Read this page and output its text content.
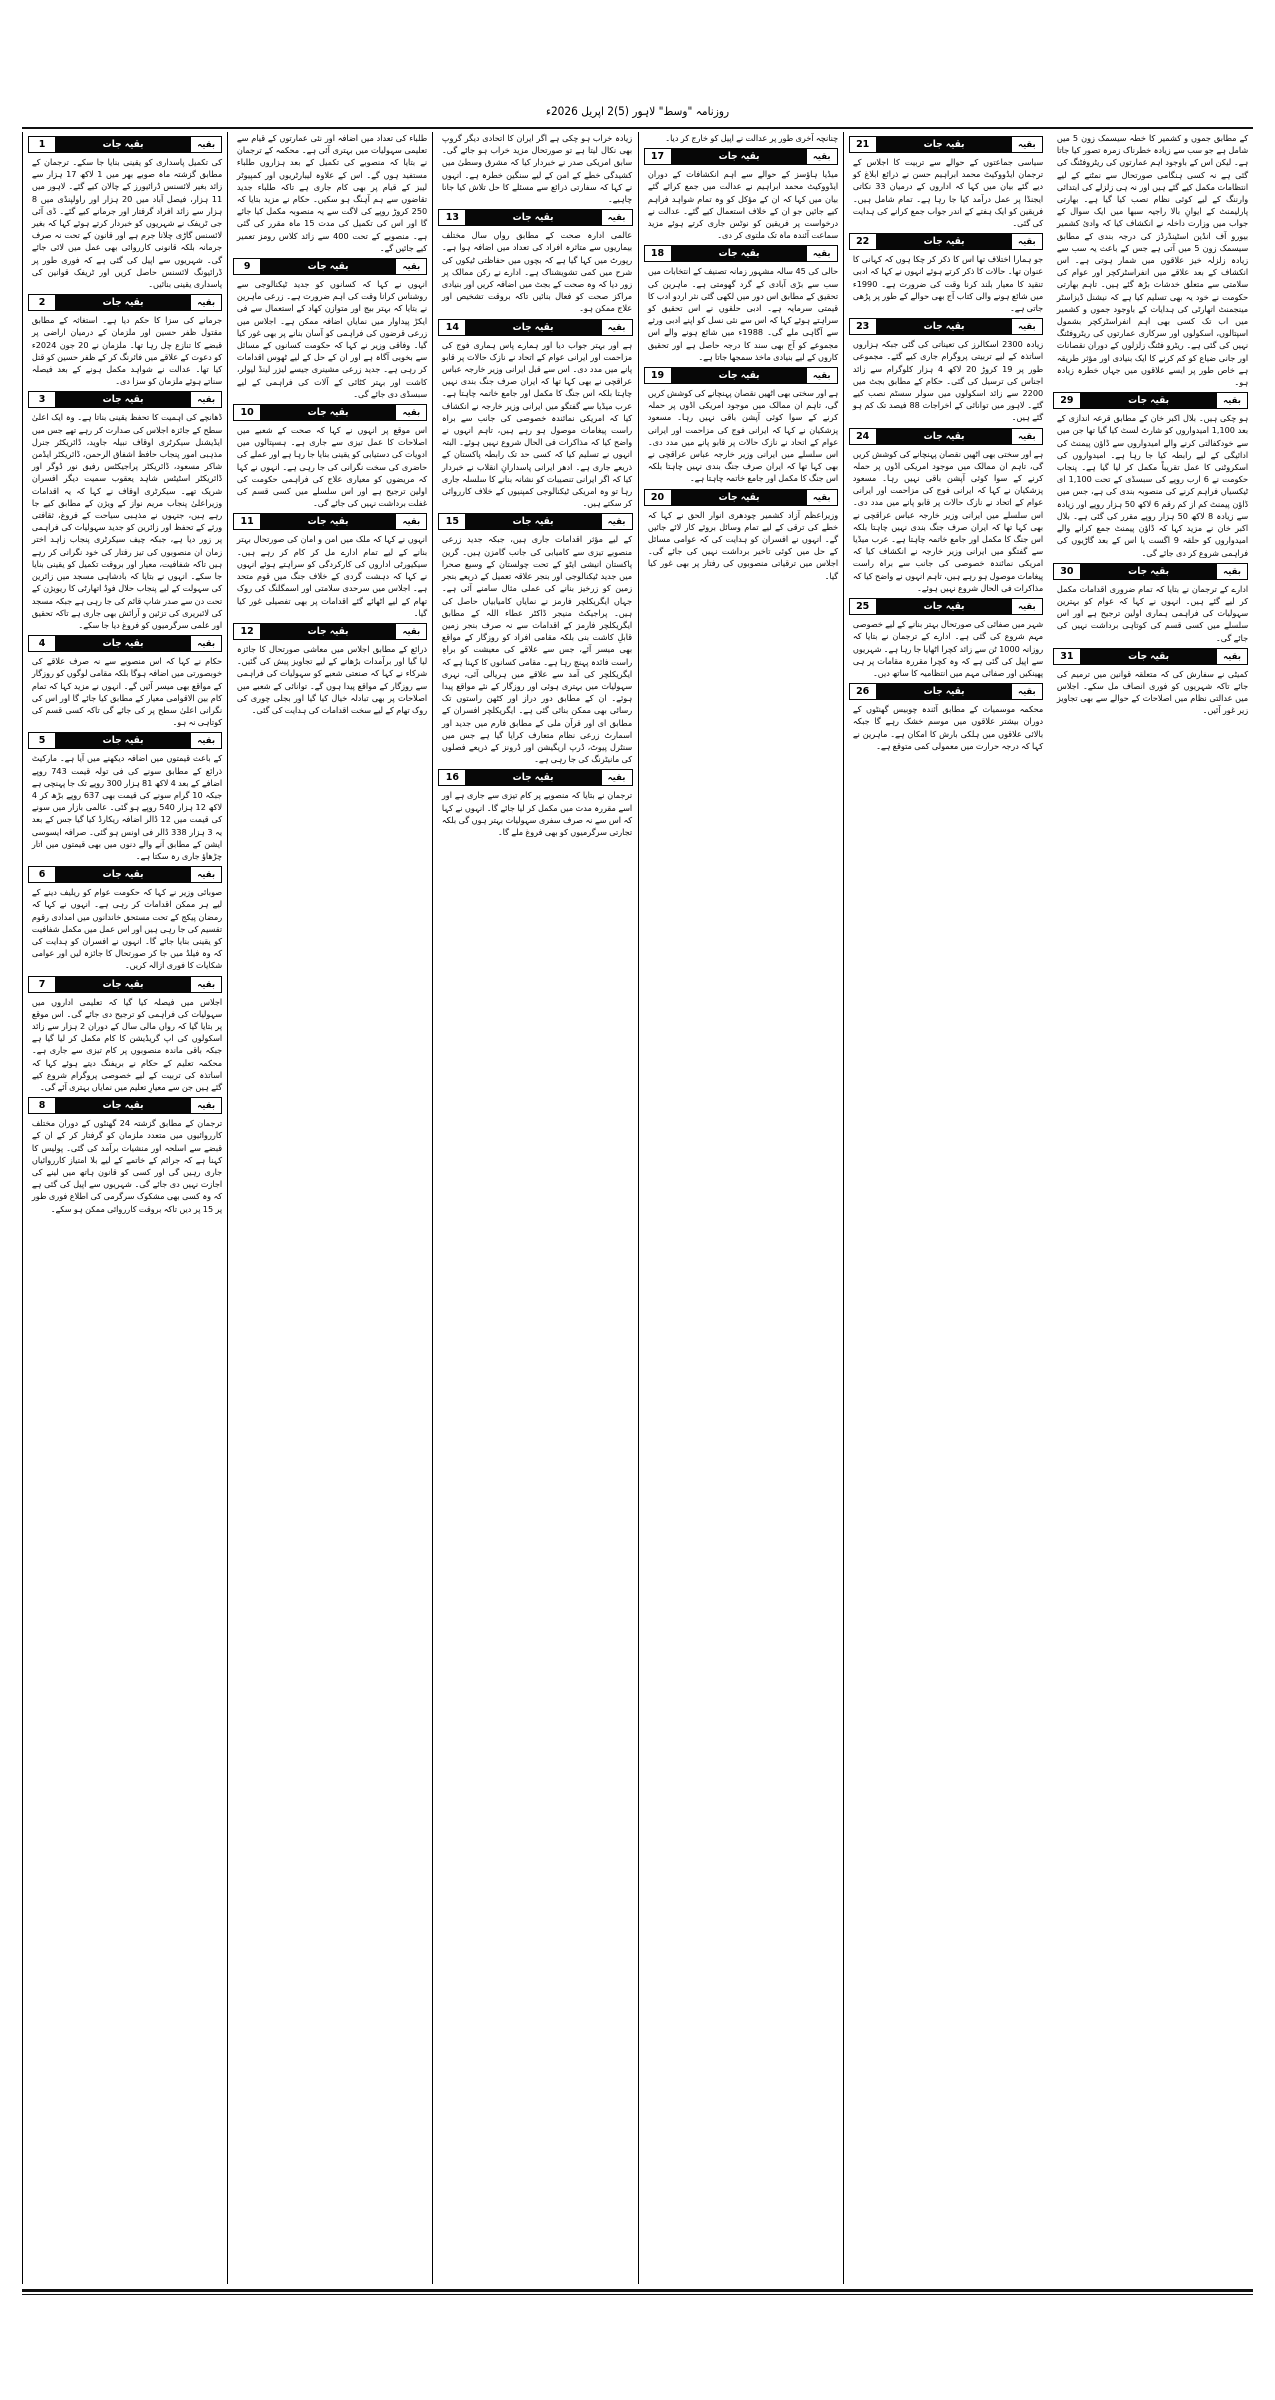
روزنامہ "وسط" لاہور (5)2 اپریل 2026ء
بقیہ
بقیہ جات
1

کی تکمیل پاسداری کو یقینی بنایا جا سکے۔ ترجمان کے مطابق گزشتہ ماہ صوبے بھر میں 1 لاکھ 17 ہزار سے زائد بغیر لائسنس ڈرائیورز کے چالان کیے گئے۔ لاہور میں 11 ہزار، فیصل آباد میں 20 ہزار اور راولپنڈی میں 8 ہزار سے زائد افراد گرفتار اور جرمانے کیے گئے۔ ڈی آئی جی ٹریفک نے شہریوں کو خبردار کرتے ہوئے کہا کہ بغیر لائسنس گاڑی چلانا جرم ہے اور قانون کے تحت نہ صرف جرمانہ بلکہ قانونی کارروائی بھی عمل میں لائی جائے گی۔ شہریوں سے اپیل کی گئی ہے کہ فوری طور پر ڈرائیونگ لائسنس حاصل کریں اور ٹریفک قوانین کی پاسداری یقینی بنائیں۔

بقیہ
بقیہ جات
2

جرمانے کی سزا کا حکم دیا ہے۔ استغاثہ کے مطابق مقتول ظفر حسین اور ملزمان کے درمیان اراضی پر قبضے کا تنازع چل رہا تھا۔ ملزمان نے 20 جون 2024ء کو دعوت کے علاقے میں فائرنگ کر کے ظفر حسین کو قتل کیا تھا۔ عدالت نے شواہد مکمل ہونے کے بعد فیصلہ سناتے ہوئے ملزمان کو سزا دی۔

بقیہ
بقیہ جات
3

ڈھانچے کی اہمیت کا تحفظ یقینی بناتا ہے۔ وہ ایک اعلیٰ سطح کے جائزہ اجلاس کی صدارت کر رہے تھے جس میں ایڈیشنل سیکرٹری اوقاف نبیلہ جاوید، ڈائریکٹر جنرل مذہبی امور پنجاب حافظ اشفاق الرحمن، ڈائریکٹر ایڈمن شاکر مسعود، ڈائریکٹر پراجیکٹس رفیق نور ڈوگر اور ڈائریکٹر اسٹیٹس شاہد یعقوب سمیت دیگر افسران شریک تھے۔ سیکرٹری اوقاف نے کہا کہ یہ اقدامات وزیراعلیٰ پنجاب مریم نواز کے ویژن کے مطابق کیے جا رہے ہیں، جنہوں نے مذہبی سیاحت کے فروغ، ثقافتی ورثے کے تحفظ اور زائرین کو جدید سہولیات کی فراہمی پر زور دیا ہے، جبکہ چیف سیکرٹری پنجاب زاہد اختر زمان ان منصوبوں کی تیز رفتار کی خود نگرانی کر رہے ہیں تاکہ شفافیت، معیار اور بروقت تکمیل کو یقینی بنایا جا سکے۔ انہوں نے بتایا کہ بادشاہی مسجد میں زائرین کی سہولت کے لیے پنجاب حلال فوڈ اتھارٹی کا ریویژن کے تحت دن سے صدر شاپ قائم کی جا رہی ہے جبکہ مسجد کی لائبریری کی تزئین و آرائش بھی جاری ہے تاکہ تحقیق اور علمی سرگرمیوں کو فروغ دیا جا سکے۔

بقیہ
بقیہ جات
4

حکام نے کہا کہ اس منصوبے سے نہ صرف علاقے کی خوبصورتی میں اضافہ ہوگا بلکہ مقامی لوگوں کو روزگار کے مواقع بھی میسر آئیں گے۔ انہوں نے مزید کہا کہ تمام کام بین الاقوامی معیار کے مطابق کیا جائے گا اور اس کی نگرانی اعلیٰ سطح پر کی جائے گی تاکہ کسی قسم کی کوتاہی نہ ہو۔

بقیہ
بقیہ جات
5

کے باعث قیمتوں میں اضافہ دیکھنے میں آیا ہے۔ مارکیٹ ذرائع کے مطابق سونے کی فی تولہ قیمت 743 روپے اضافے کے بعد 4 لاکھ 81 ہزار 300 روپے تک جا پہنچی ہے جبکہ 10 گرام سونے کی قیمت بھی 637 روپے بڑھ کر 4 لاکھ 12 ہزار 540 روپے ہو گئی۔ عالمی بازار میں سونے کی قیمت میں 12 ڈالر اضافہ ریکارڈ کیا گیا جس کے بعد یہ 3 ہزار 338 ڈالر فی اونس ہو گئی۔ صرافہ ایسوسی ایشن کے مطابق آنے والے دنوں میں بھی قیمتوں میں اتار چڑھاؤ جاری رہ سکتا ہے۔

بقیہ
بقیہ جات
6

صوبائی وزیر نے کہا کہ حکومت عوام کو ریلیف دینے کے لیے ہر ممکن اقدامات کر رہی ہے۔ انہوں نے کہا کہ رمضان پیکج کے تحت مستحق خاندانوں میں امدادی رقوم تقسیم کی جا رہی ہیں اور اس عمل میں مکمل شفافیت کو یقینی بنایا جائے گا۔ انہوں نے افسران کو ہدایت کی کہ وہ فیلڈ میں جا کر صورتحال کا جائزہ لیں اور عوامی شکایات کا فوری ازالہ کریں۔

بقیہ
بقیہ جات
7

اجلاس میں فیصلہ کیا گیا کہ تعلیمی اداروں میں سہولیات کی فراہمی کو ترجیح دی جائے گی۔ اس موقع پر بتایا گیا کہ رواں مالی سال کے دوران 2 ہزار سے زائد اسکولوں کی اپ گریڈیشن کا کام مکمل کر لیا گیا ہے جبکہ باقی ماندہ منصوبوں پر کام تیزی سے جاری ہے۔ محکمہ تعلیم کے حکام نے بریفنگ دیتے ہوئے کہا کہ اساتذہ کی تربیت کے لیے خصوصی پروگرام شروع کیے گئے ہیں جن سے معیارِ تعلیم میں نمایاں بہتری آئے گی۔

بقیہ
بقیہ جات
8

ترجمان کے مطابق گزشتہ 24 گھنٹوں کے دوران مختلف کارروائیوں میں متعدد ملزمان کو گرفتار کر کے ان کے قبضے سے اسلحہ اور منشیات برآمد کی گئی۔ پولیس کا کہنا ہے کہ جرائم کے خاتمے کے لیے بلا امتیاز کارروائیاں جاری رہیں گی اور کسی کو قانون ہاتھ میں لینے کی اجازت نہیں دی جائے گی۔ شہریوں سے اپیل کی گئی ہے کہ وہ کسی بھی مشکوک سرگرمی کی اطلاع فوری طور پر 15 پر دیں تاکہ بروقت کارروائی ممکن ہو سکے۔

طلباء کی تعداد میں اضافہ اور نئی عمارتوں کے قیام سے تعلیمی سہولیات میں بہتری آئی ہے۔ محکمہ کے ترجمان نے بتایا کہ منصوبے کی تکمیل کے بعد ہزاروں طلباء مستفید ہوں گے۔ اس کے علاوہ لیبارٹریوں اور کمپیوٹر لیبز کے قیام پر بھی کام جاری ہے تاکہ طلباء جدید تقاضوں سے ہم آہنگ ہو سکیں۔ حکام نے مزید بتایا کہ 250 کروڑ روپے کی لاگت سے یہ منصوبہ مکمل کیا جائے گا اور اس کی تکمیل کی مدت 15 ماہ مقرر کی گئی ہے۔ منصوبے کے تحت 400 سے زائد کلاس رومز تعمیر کیے جائیں گے۔

بقیہ
بقیہ جات
9

انہوں نے کہا کہ کسانوں کو جدید ٹیکنالوجی سے روشناس کرانا وقت کی اہم ضرورت ہے۔ زرعی ماہرین نے بتایا کہ بہتر بیج اور متوازن کھاد کے استعمال سے فی ایکڑ پیداوار میں نمایاں اضافہ ممکن ہے۔ اجلاس میں زرعی قرضوں کی فراہمی کو آسان بنانے پر بھی غور کیا گیا۔ وفاقی وزیر نے کہا کہ حکومت کسانوں کے مسائل سے بخوبی آگاہ ہے اور ان کے حل کے لیے ٹھوس اقدامات کر رہی ہے۔ جدید زرعی مشینری جیسے لیزر لینڈ لیولر، کاشت اور بہتر کٹائی کے آلات کی فراہمی کے لیے سبسڈی دی جائے گی۔

بقیہ
بقیہ جات
10

اس موقع پر انہوں نے کہا کہ صحت کے شعبے میں اصلاحات کا عمل تیزی سے جاری ہے۔ ہسپتالوں میں ادویات کی دستیابی کو یقینی بنایا جا رہا ہے اور عملے کی حاضری کی سخت نگرانی کی جا رہی ہے۔ انہوں نے کہا کہ مریضوں کو معیاری علاج کی فراہمی حکومت کی اولین ترجیح ہے اور اس سلسلے میں کسی قسم کی غفلت برداشت نہیں کی جائے گی۔

بقیہ
بقیہ جات
11

انہوں نے کہا کہ ملک میں امن و امان کی صورتحال بہتر بنانے کے لیے تمام ادارے مل کر کام کر رہے ہیں۔ سیکیورٹی اداروں کی کارکردگی کو سراہتے ہوئے انہوں نے کہا کہ دہشت گردی کے خلاف جنگ میں قوم متحد ہے۔ اجلاس میں سرحدی سلامتی اور اسمگلنگ کی روک تھام کے لیے اٹھائے گئے اقدامات پر بھی تفصیلی غور کیا گیا۔

بقیہ
بقیہ جات
12

ذرائع کے مطابق اجلاس میں معاشی صورتحال کا جائزہ لیا گیا اور برآمدات بڑھانے کے لیے تجاویز پیش کی گئیں۔ شرکاء نے کہا کہ صنعتی شعبے کو سہولیات کی فراہمی سے روزگار کے مواقع پیدا ہوں گے۔ توانائی کے شعبے میں اصلاحات پر بھی تبادلہ خیال کیا گیا اور بجلی چوری کی روک تھام کے لیے سخت اقدامات کی ہدایت کی گئی۔

زیادہ خراب ہو چکی ہے اگر ایران کا اتحادی دیگر گروپ بھی نکال لیتا ہے تو صورتحال مزید خراب ہو جائے گی۔ سابق امریکی صدر نے خبردار کیا کہ مشرق وسطیٰ میں کشیدگی خطے کے امن کے لیے سنگین خطرہ ہے۔ انہوں نے کہا کہ سفارتی ذرائع سے مسئلے کا حل تلاش کیا جانا چاہیے۔

بقیہ
بقیہ جات
13

عالمی ادارہ صحت کے مطابق رواں سال مختلف بیماریوں سے متاثرہ افراد کی تعداد میں اضافہ ہوا ہے۔ رپورٹ میں کہا گیا ہے کہ بچوں میں حفاظتی ٹیکوں کی شرح میں کمی تشویشناک ہے۔ ادارے نے رکن ممالک پر زور دیا کہ وہ صحت کے بجٹ میں اضافہ کریں اور بنیادی مراکز صحت کو فعال بنائیں تاکہ بروقت تشخیص اور علاج ممکن ہو۔

بقیہ
بقیہ جات
14

ہے اور بہتر جواب دیا اور ہمارے پاس ہماری فوج کی مزاحمت اور ایرانی عوام کے اتحاد نے نازک حالات پر قابو پانے میں مدد دی۔ اس سے قبل ایرانی وزیر خارجہ عباس عراقچی نے بھی کہا تھا کہ ایران صرف جنگ بندی نہیں چاہتا بلکہ اس جنگ کا مکمل اور جامع خاتمہ چاہتا ہے۔ عرب میڈیا سے گفتگو میں ایرانی وزیر خارجہ نے انکشاف کیا کہ امریکی نمائندہ خصوصی کی جانب سے براہ راست پیغامات موصول ہو رہے ہیں، تاہم انہوں نے واضح کیا کہ مذاکرات فی الحال شروع نہیں ہوئے۔ البتہ انہوں نے تسلیم کیا کہ کسی حد تک رابطہ پاکستان کے ذریعے جاری ہے۔ ادھر ایرانی پاسدارانِ انقلاب نے خبردار کیا کہ اگر ایرانی تنصیبات کو نشانہ بنانے کا سلسلہ جاری رہا تو وہ امریکی ٹیکنالوجی کمپنیوں کے خلاف کارروائی کر سکتے ہیں۔

بقیہ
بقیہ جات
15

کے لیے مؤثر اقدامات جاری ہیں، جبکہ جدید زرعی منصوبے تیزی سے کامیابی کی جانب گامزن ہیں۔ گرین پاکستان انیشی ایٹو کے تحت چولستان کے وسیع صحرا میں جدید ٹیکنالوجی اور بنجر علاقہ تعمیل کے ذریعے بنجر زمین کو زرخیز بنانے کی عملی مثال سامنے آئی ہے۔ جہاں ایگریکلچر فارمز نے نمایاں کامیابیاں حاصل کی ہیں۔ پراجیکٹ منیجر ڈاکٹر عطاء اللہ کے مطابق ایگریکلچر فارمز کے اقدامات سے نہ صرف بنجر زمین قابلِ کاشت بنی بلکہ مقامی افراد کو روزگار کے مواقع بھی میسر آئے، جس سے علاقے کی معیشت کو براہِ راست فائدہ پہنچ رہا ہے۔ مقامی کسانوں کا کہنا ہے کہ ایگریکلچر کی آمد سے علاقے میں ہریالی آئی، نہری سہولیات میں بہتری ہوئی اور روزگار کے نئے مواقع پیدا ہوئے۔ ان کے مطابق دور دراز اور کٹھن راستوں تک رسائی بھی ممکن بنائی گئی ہے۔ ایگریکلچر افسران کے مطابق ای اور قرآن ملی کے مطابق فارم میں جدید اور اسمارٹ زرعی نظام متعارف کرایا گیا ہے جس میں سنٹرل پیوٹ، ڈرپ اریگیشن اور ڈرونز کے ذریعے فصلوں کی مانیٹرنگ کی جا رہی ہے۔

بقیہ
بقیہ جات
16

ترجمان نے بتایا کہ منصوبے پر کام تیزی سے جاری ہے اور اسے مقررہ مدت میں مکمل کر لیا جائے گا۔ انہوں نے کہا کہ اس سے نہ صرف سفری سہولیات بہتر ہوں گی بلکہ تجارتی سرگرمیوں کو بھی فروغ ملے گا۔

چنانچہ آخری طور پر عدالت نے اپیل کو خارج کر دیا۔

بقیہ
بقیہ جات
17

میڈیا ہاؤسز کے حوالے سے اہم انکشافات کے دوران ایڈووکیٹ محمد ابراہیم نے عدالت میں جمع کرائے گئے بیان میں کہا کہ ان کے مؤکل کو وہ تمام شواہد فراہم کیے جائیں جو ان کے خلاف استعمال کیے گئے۔ عدالت نے درخواست پر فریقین کو نوٹس جاری کرتے ہوئے مزید سماعت آئندہ ماہ تک ملتوی کر دی۔

بقیہ
بقیہ جات
18

حالی کی 45 سالہ مشہور زمانہ تصنیف کے انتخابات میں سب سے بڑی آبادی کے گرد گھومتی ہے۔ ماہرین کی تحقیق کے مطابق اس دور میں لکھی گئی نثر اردو ادب کا قیمتی سرمایہ ہے۔ ادبی حلقوں نے اس تحقیق کو سراہتے ہوئے کہا کہ اس سے نئی نسل کو اپنے ادبی ورثے سے آگاہی ملے گی۔ 1988ء میں شائع ہونے والے اس مجموعے کو آج بھی سند کا درجہ حاصل ہے اور تحقیق کاروں کے لیے بنیادی ماخذ سمجھا جاتا ہے۔

بقیہ
بقیہ جات
19

ہے اور سختی بھی اٹھیں نقصان پہنچانے کی کوشش کریں گی، تاہم ان ممالک میں موجود امریکی اڈوں پر حملہ کرنے کے سوا کوئی آپشن باقی نہیں رہا۔ مسعود پزشکیان نے کہا کہ ایرانی فوج کی مزاحمت اور ایرانی عوام کے اتحاد نے نازک حالات پر قابو پانے میں مدد دی۔ اس سلسلے میں ایرانی وزیر خارجہ عباس عراقچی نے بھی کہا تھا کہ ایران صرف جنگ بندی نہیں چاہتا بلکہ اس جنگ کا مکمل اور جامع خاتمہ چاہتا ہے۔

بقیہ
بقیہ جات
20

وزیراعظم آزاد کشمیر چودھری انوار الحق نے کہا کہ خطے کی ترقی کے لیے تمام وسائل بروئے کار لائے جائیں گے۔ انہوں نے افسران کو ہدایت کی کہ عوامی مسائل کے حل میں کوئی تاخیر برداشت نہیں کی جائے گی۔ اجلاس میں ترقیاتی منصوبوں کی رفتار پر بھی غور کیا گیا۔

بقیہ
بقیہ جات
21

سیاسی جماعتوں کے حوالے سے تربیت کا اجلاس کے ترجمان ایڈووکیٹ محمد ابراہیم حسن نے ذرائع ابلاغ کو دیے گئے بیان میں کہا کہ اداروں کے درمیان 33 نکاتی ایجنڈا پر عمل درآمد کیا جا رہا ہے۔ تمام شامل ہیں۔ فریقین کو ایک ہفتے کے اندر جواب جمع کرانے کی ہدایت کی گئی۔

بقیہ
بقیہ جات
22

جو ہمارا اختلاف تھا اس کا ذکر کر چکا ہوں کہ کہانی کا عنوان تھا۔ حالات کا ذکر کرتے ہوئے انہوں نے کہا کہ ادبی تنقید کا معیار بلند کرنا وقت کی ضرورت ہے۔ 1990ء میں شائع ہونے والی کتاب آج بھی حوالے کے طور پر پڑھی جاتی ہے۔

بقیہ
بقیہ جات
23

زیادہ 2300 اسکالرز کی تعیناتی کی گئی جبکہ ہزاروں اساتذہ کے لیے تربیتی پروگرام جاری کیے گئے۔ مجموعی طور پر 19 کروڑ 20 لاکھ 4 ہزار کلوگرام سے زائد اجناس کی ترسیل کی گئی۔ حکام کے مطابق بجٹ میں 2200 سے زائد اسکولوں میں سولر سسٹم نصب کیے گئے۔ لاہور میں توانائی کے اخراجات 88 فیصد تک کم ہو گئے ہیں۔

بقیہ
بقیہ جات
24

ہے اور سختی بھی اٹھیں نقصان پہنچانے کی کوشش کریں گی، تاہم ان ممالک میں موجود امریکی اڈوں پر حملہ کرنے کے سوا کوئی آپشن باقی نہیں رہا۔ مسعود پزشکیان نے کہا کہ ایرانی فوج کی مزاحمت اور ایرانی عوام کے اتحاد نے نازک حالات پر قابو پانے میں مدد دی۔ اس سلسلے میں ایرانی وزیر خارجہ عباس عراقچی نے بھی کہا تھا کہ ایران صرف جنگ بندی نہیں چاہتا بلکہ اس جنگ کا مکمل اور جامع خاتمہ چاہتا ہے۔ عرب میڈیا سے گفتگو میں ایرانی وزیر خارجہ نے انکشاف کیا کہ امریکی نمائندہ خصوصی کی جانب سے براہ راست پیغامات موصول ہو رہے ہیں، تاہم انہوں نے واضح کیا کہ مذاکرات فی الحال شروع نہیں ہوئے۔

بقیہ
بقیہ جات
25

شہر میں صفائی کی صورتحال بہتر بنانے کے لیے خصوصی مہم شروع کی گئی ہے۔ ادارے کے ترجمان نے بتایا کہ روزانہ 1000 ٹن سے زائد کچرا اٹھایا جا رہا ہے۔ شہریوں سے اپیل کی گئی ہے کہ وہ کچرا مقررہ مقامات پر ہی پھینکیں اور صفائی مہم میں انتظامیہ کا ساتھ دیں۔

بقیہ
بقیہ جات
26

محکمہ موسمیات کے مطابق آئندہ چوبیس گھنٹوں کے دوران بیشتر علاقوں میں موسم خشک رہے گا جبکہ بالائی علاقوں میں ہلکی بارش کا امکان ہے۔ ماہرین نے کہا کہ درجہ حرارت میں معمولی کمی متوقع ہے۔

کے مطابق جموں و کشمیر کا خطہ سیسمک زون 5 میں شامل ہے جو سب سے زیادہ خطرناک زمرہ تصور کیا جاتا ہے۔ لیکن اس کے باوجود اہم عمارتوں کی ریٹروفٹنگ کی گئی ہے نہ کسی ہنگامی صورتحال سے نمٹنے کے لیے انتظامات مکمل کیے گئے ہیں اور نہ ہی زلزلے کی ابتدائی وارننگ کے لیے کوئی نظام نصب کیا گیا ہے۔ بھارتی پارلیمنٹ کے ایوانِ بالا راجیہ سبھا میں ایک سوال کے جواب میں وزارت داخلہ نے انکشاف کیا کہ وادیٔ کشمیر بیورو آف انڈین اسٹینڈرڈز کی درجہ بندی کے مطابق سیسمک زون 5 میں آتی ہے جس کے باعث یہ سب سے زیادہ زلزلہ خیز علاقوں میں شمار ہوتی ہے۔ اس انکشاف کے بعد علاقے میں انفراسٹرکچر اور عوام کی سلامتی سے متعلق خدشات بڑھ گئے ہیں۔ تاہم بھارتی حکومت نے خود یہ بھی تسلیم کیا ہے کہ نیشنل ڈیزاسٹر مینجمنٹ اتھارٹی کی ہدایات کے باوجود جموں و کشمیر میں اب تک کسی بھی اہم انفراسٹرکچر بشمول اسپتالوں، اسکولوں اور سرکاری عمارتوں کی ریٹروفٹنگ نہیں کی گئی ہے۔ ریٹرو فٹنگ زلزلوں کے دوران نقصانات اور جانی ضیاع کو کم کرنے کا ایک بنیادی اور مؤثر طریقہ ہے خاص طور پر ایسے علاقوں میں جہاں خطرہ زیادہ ہو۔

بقیہ
بقیہ جات
29

ہو چکی ہیں۔ بلال اکبر خان کے مطابق قرعہ اندازی کے بعد 1,100 امیدواروں کو شارٹ لسٹ کیا گیا تھا جن میں سے خودکفالتی کرنے والے امیدواروں سے ڈاؤن پیمنٹ کی ادائیگی کے لیے رابطہ کیا جا رہا ہے۔ امیدواروں کی اسکروٹنی کا عمل تقریباً مکمل کر لیا گیا ہے۔ پنجاب حکومت نے 6 ارب روپے کی سبسڈی کے تحت 1,100 ای ٹیکسیاں فراہم کرنے کی منصوبہ بندی کی ہے، جس میں ڈاؤن پیمنٹ کم از کم رقم 6 لاکھ 50 ہزار روپے اور زیادہ سے زیادہ 8 لاکھ 50 ہزار روپے مقرر کی گئی ہے۔ بلال اکبر خان نے مزید کہا کہ ڈاؤن پیمنٹ جمع کرانے والے امیدواروں کو حلقہ 9 اگست یا اس کے بعد گاڑیوں کی فراہمی شروع کر دی جائے گی۔

بقیہ
بقیہ جات
30

ادارے کے ترجمان نے بتایا کہ تمام ضروری اقدامات مکمل کر لیے گئے ہیں۔ انہوں نے کہا کہ عوام کو بہترین سہولیات کی فراہمی ہماری اولین ترجیح ہے اور اس سلسلے میں کسی قسم کی کوتاہی برداشت نہیں کی جائے گی۔

بقیہ
بقیہ جات
31

کمیٹی نے سفارش کی کہ متعلقہ قوانین میں ترمیم کی جائے تاکہ شہریوں کو فوری انصاف مل سکے۔ اجلاس میں عدالتی نظام میں اصلاحات کے حوالے سے بھی تجاویز زیر غور آئیں۔
